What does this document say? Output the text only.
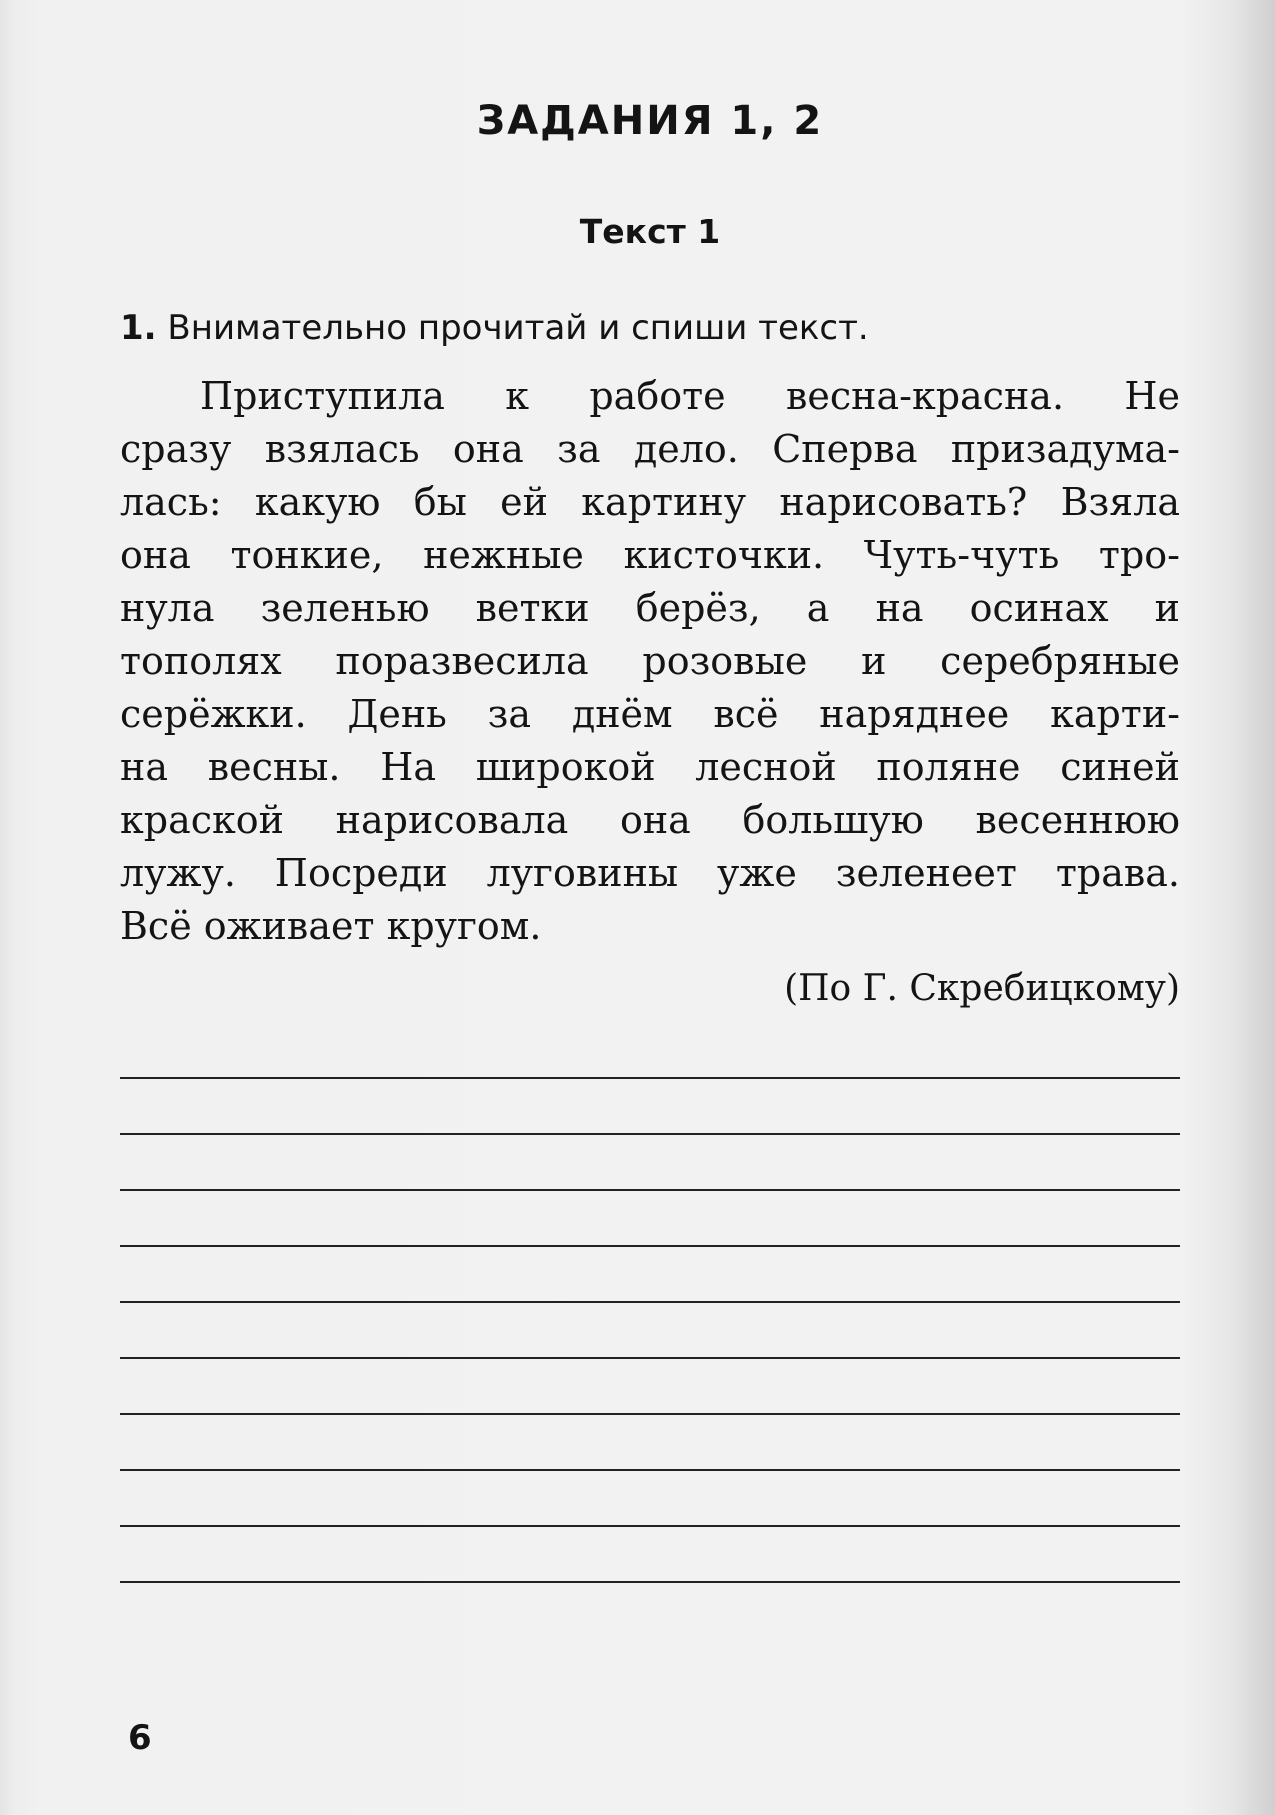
ЗАДАНИЯ 1, 2
Текст 1
1. Внимательно прочитай и спиши текст.
Приступила к работе весна-красна. Не
сразу взялась она за дело. Сперва призадума-
лась: какую бы ей картину нарисовать? Взяла
она тонкие, нежные кисточки. Чуть-чуть тро-
нула зеленью ветки берёз, а на осинах и
тополях поразвесила розовые и серебряные
серёжки. День за днём всё наряднее карти-
на весны. На широкой лесной поляне синей
краской нарисовала она большую весеннюю
лужу. Посреди луговины уже зеленеет трава.
Всё оживает кругом.
(По Г. Скребицкому)
6
